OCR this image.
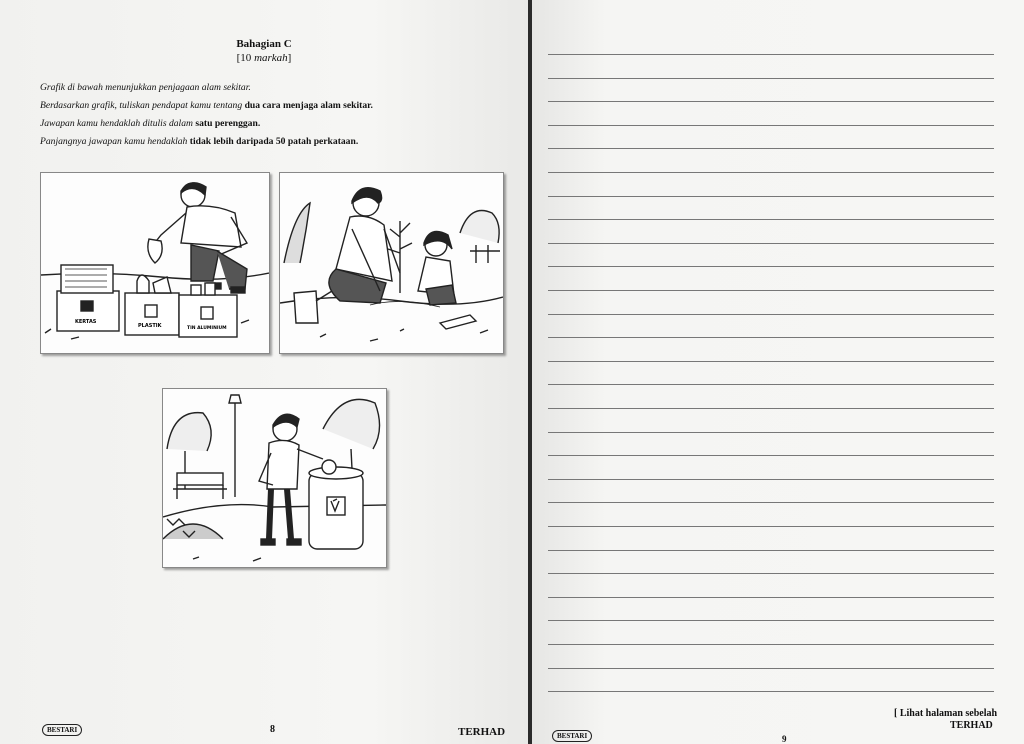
Bahagian C
[10 markah]
Grafik di bawah menunjukkan penjagaan alam sekitar.
Berdasarkan grafik, tuliskan pendapat kamu tentang dua cara menjaga alam sekitar.
Jawapan kamu hendaklah ditulis dalam satu perenggan.
Panjangnya jawapan kamu hendaklah tidak lebih daripada 50 patah perkataan.
KERTAS
PLASTIK	TIN ALUMINIUM
BESTARI	8	TERHAD	BESTARI	9
[ Lihat halaman sebelah
TERHAD
